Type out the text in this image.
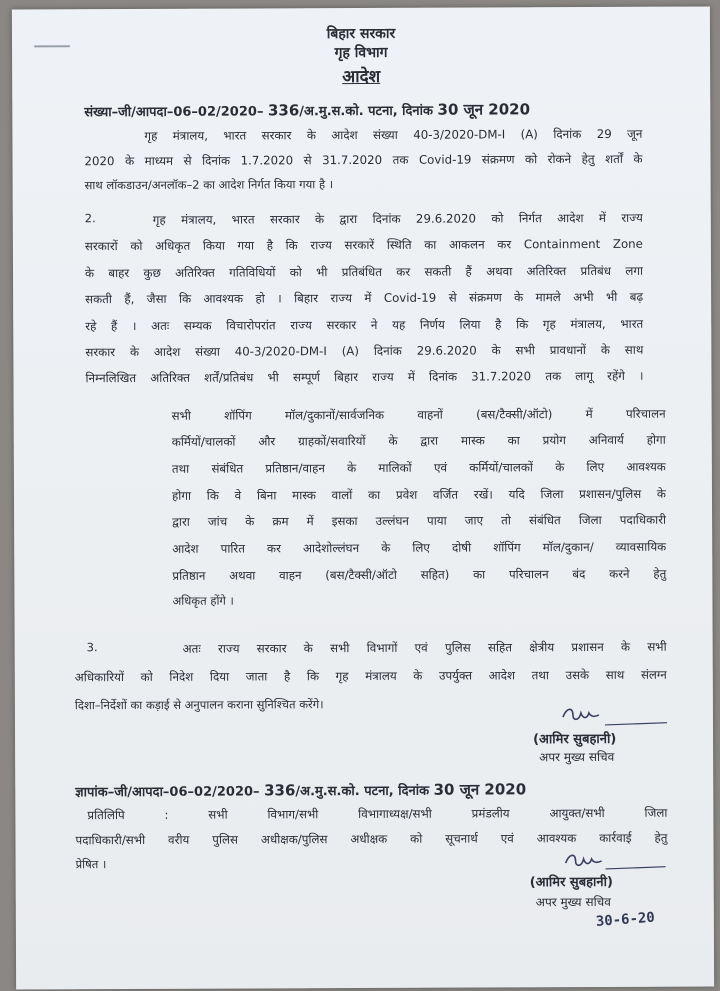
बिहार सरकार
गृह विभाग
आदेश
संख्या–जी/आपदा–06–02/2020– 336/अ.मु.स.को. पटना, दिनांक 30 जून 2020
गृह मंत्रालय, भारत सरकार के आदेश संख्या 40-3/2020-DM-I (A) दिनांक 29 जून
2020 के माध्यम से दिनांक 1.7.2020 से 31.7.2020 तक Covid-19 संक्रमण को रोकने हेतु शर्तों के
साथ लॉकडाउन/अनलॉक–2 का आदेश निर्गत किया गया है ।
2.	गृह मंत्रालय, भारत सरकार के द्वारा दिनांक 29.6.2020 को निर्गत आदेश में राज्य
सरकारों को अधिकृत किया गया है कि राज्य सरकारें स्थिति का आकलन कर Containment Zone
के बाहर कुछ अतिरिक्त गतिविधियों को भी प्रतिबंधित कर सकती हैं अथवा अतिरिक्त प्रतिबंध लगा
सकती हैं, जैसा कि आवश्यक हो । बिहार राज्य में Covid-19 से संक्रमण के मामले अभी भी बढ़
रहे हैं । अतः सम्यक विचारोपरांत राज्य सरकार ने यह निर्णय लिया है कि गृह मंत्रालय, भारत
सरकार के आदेश संख्या 40-3/2020-DM-I (A) दिनांक 29.6.2020 के सभी प्रावधानों के साथ
निम्नलिखित अतिरिक्त शर्तें/प्रतिबंध भी सम्पूर्ण बिहार राज्य में दिनांक 31.7.2020 तक लागू रहेंगे ।
सभी शॉपिंग मॉल/दुकानों/सार्वजनिक वाहनों (बस/टैक्सी/ऑटो) में परिचालन
कर्मियों/चालकों और ग्राहकों/सवारियों के द्वारा मास्क का प्रयोग अनिवार्य होगा
तथा संबंधित प्रतिष्ठान/वाहन के मालिकों एवं कर्मियों/चालकों के लिए आवश्यक
होगा कि वे बिना मास्क वालों का प्रवेश वर्जित रखें। यदि जिला प्रशासन/पुलिस के
द्वारा जांच के क्रम में इसका उल्लंघन पाया जाए तो संबंधित जिला पदाधिकारी
आदेश पारित कर आदेशोल्लंघन के लिए दोषी शॉपिंग मॉल/दुकान/ व्यावसायिक
प्रतिष्ठान अथवा वाहन (बस/टैक्सी/ऑटो सहित) का परिचालन बंद करने हेतु
अधिकृत होंगे ।
3.	अतः राज्य सरकार के सभी विभागों एवं पुलिस सहित क्षेत्रीय प्रशासन के सभी
अधिकारियों को निदेश दिया जाता है कि गृह मंत्रालय के उपर्युक्त आदेश तथा उसके साथ संलग्न
दिशा–निर्देशों का कड़ाई से अनुपालन कराना सुनिश्चित करेंगे।
(आमिर सुबहानी)
अपर मुख्य सचिव
ज्ञापांक–जी/आपदा–06–02/2020– 336/अ.मु.स.को. पटना, दिनांक 30 जून 2020
प्रतिलिपि : सभी विभाग/सभी विभागाध्यक्ष/सभी प्रमंडलीय आयुक्त/सभी जिला
पदाधिकारी/सभी वरीय पुलिस अधीक्षक/पुलिस अधीक्षक को सूचनार्थ एवं आवश्यक कार्रवाई हेतु
प्रेषित ।
(आमिर सुबहानी)
अपर मुख्य सचिव
30-6-20
